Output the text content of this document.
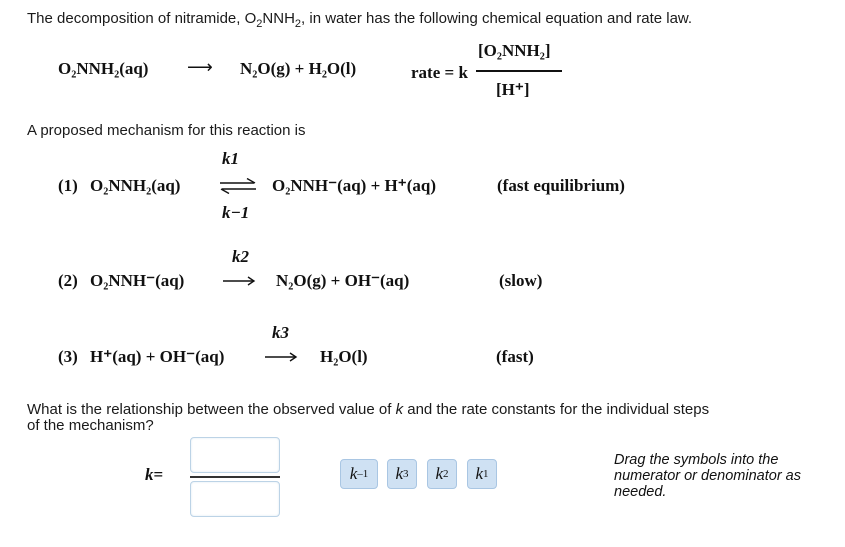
The decomposition of nitramide, $O_2NNH_2$, in water has the following chemical equation and rate law.
O₂NNH₂(aq) ⟶ N₂O(g) + H₂O(l)	rate = k
[O₂NNH₂]
[H⁺]
A proposed mechanism for this reaction is
(1) O₂NNH₂(aq)
k1
k−1
O₂NNH⁻(aq) + H⁺(aq)	(fast equilibrium)
(2) O₂NNH⁻(aq)
k2
N₂O(g) + OH⁻(aq)	(slow)
(3) H⁺(aq) + OH⁻(aq)
k3
H₂O(l)	(fast)
What is the relationship between the observed value of k and the rate constants for the individual steps
of the mechanism?
k=	k –1 k 3 k 2 k 1
Drag the symbols into the numerator or denominator as needed.
